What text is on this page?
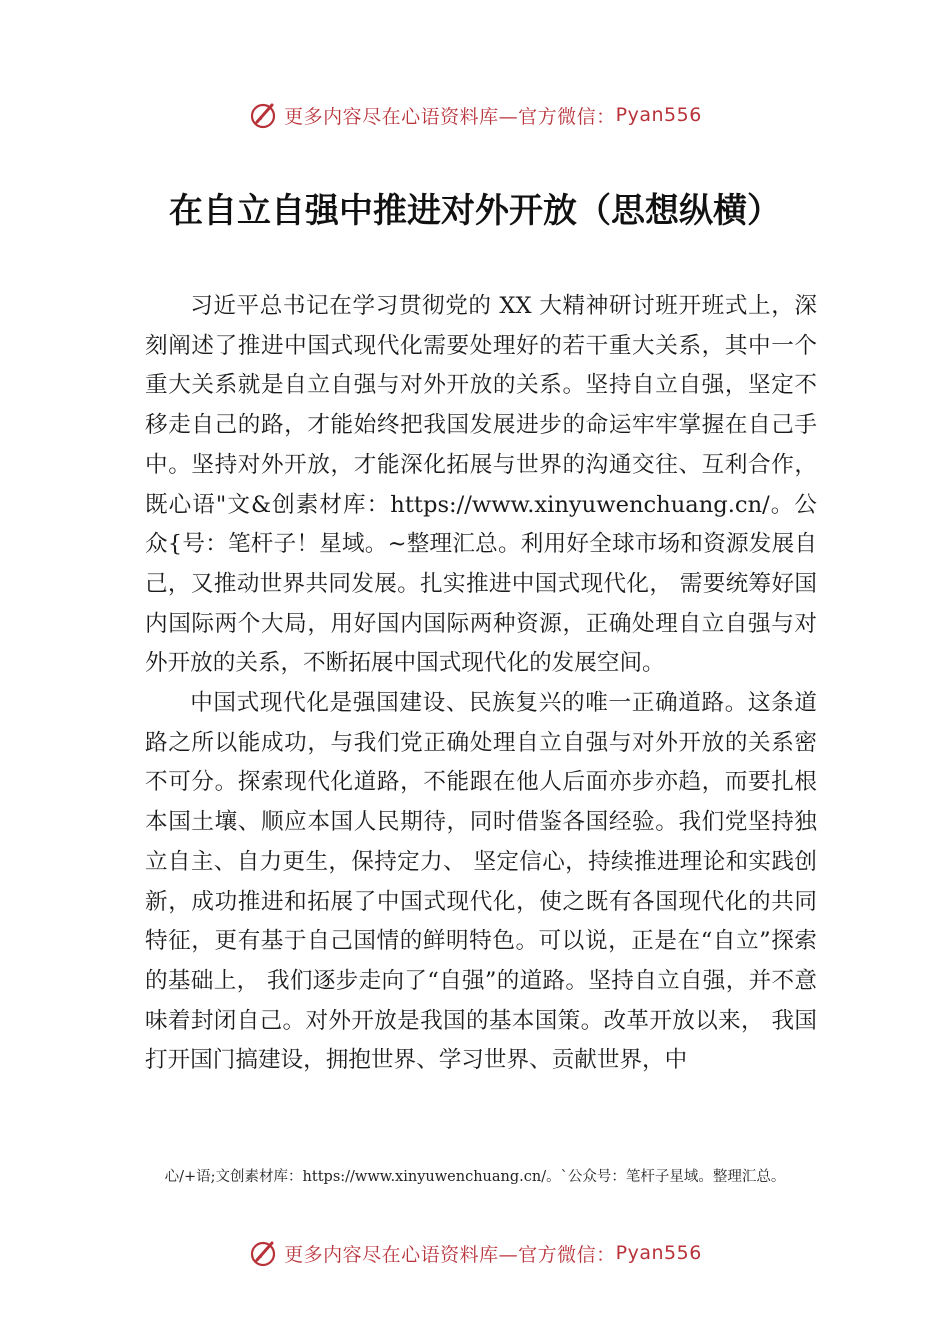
更多内容尽在心语资料库—官方微信： Pyan556
在自立自强中推进对外开放（思想纵横）

习近平总书记在学习贯彻党的 XX 大精神研讨班开班式上，深刻阐述了推进中国式现代化需要处理好的若干重大关系，其中一个重大关系就是自立自强与对外开放的关系。坚持自立自强，坚定不移走自己的路，才能始终把我国发展进步的命运牢牢掌握在自己手中。坚持对外开放，才能深化拓展与世界的沟通交往、互利合作，既心语"文&创素材库：https://www.xinyuwenchuang.cn/。公众{号：笔杆子！星域。~整理汇总。利用好全球市场和资源发展自己，又推动世界共同发展。扎实推进中国式现代化， 需要统筹好国内国际两个大局，用好国内国际两种资源，正确处理自立自强与对外开放的关系，不断拓展中国式现代化的发展空间。

中国式现代化是强国建设、民族复兴的唯一正确道路。这条道路之所以能成功，与我们党正确处理自立自强与对外开放的关系密不可分。探索现代化道路，不能跟在他人后面亦步亦趋，而要扎根本国土壤、顺应本国人民期待，同时借鉴各国经验。我们党坚持独立自主、自力更生，保持定力、 坚定信心，持续推进理论和实践创新，成功推进和拓展了中国式现代化，使之既有各国现代化的共同特征，更有基于自己国情的鲜明特色。可以说，正是在“自立”探索的基础上， 我们逐步走向了“自强”的道路。坚持自立自强，并不意味着封闭自己。对外开放是我国的基本国策。改革开放以来， 我国打开国门搞建设，拥抱世界、学习世界、贡献世界，中

心/+语;文创素材库：https://www.xinyuwenchuang.cn/。`公众号：笔杆子星域。整理汇总。
更多内容尽在心语资料库—官方微信： Pyan556
